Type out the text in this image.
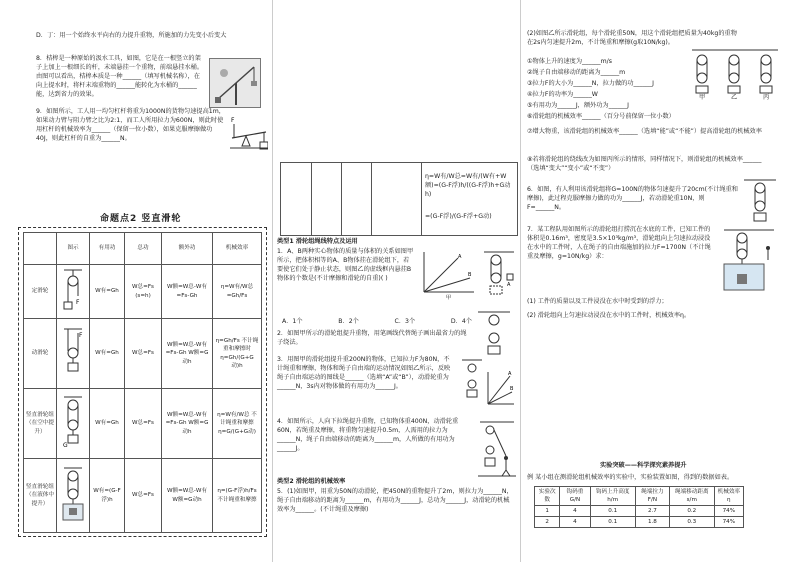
D．丁：用一个始终水平向右的力提升重物，所施加的力先变小后变大

8．桔槔是一种原始的汲水工具，如图，它是在一根竖立的架子上加上一根细长的杆，末端悬挂一个重物，前端悬挂水桶。由图可以看出，桔槔本质是一种______（填写机械名称），在向上提水时，将杆末端重物的______能转化为水桶的______能，达到省力的效果。

9．如图所示，工人用一均匀杠杆将重为1000N的货物匀速提高1m，如果动力臂与阻力臂之比为2:1，而工人所用拉力为600N，则此时使用杠杆的机械效率为______（保留一位小数），如果克服摩擦做功40J，则此杠杆的自重为______N。

F
命题点2 竖直滑轮
	图示	有用功	总功	额外功	机械效率
定滑轮	F	W有=Gh	W总=Fs (s=h)	W额=W总-W有=Fs-Gh	η=W有/W总=Gh/Fs
动滑轮	F	W有=Gh	W总=Fs	W额=W总-W有=Fs-Gh W额=G动h	η=Gh/Fs 不计绳重和摩擦时 η=Gh/(G+G动)h
竖直滑轮组（在空中提升）	G	W有=Gh	W总=Fs	W额=W总-W有=Fs-Gh W额=G动h	η=W有/W总 不计绳重和摩擦 η=G/(G+G动)
竖直滑轮组（在液体中提升）		W有=(G-F浮)h	W总=Fs	W额=W总-W有 W额=G动h	η=(G-F浮)h/Fs 不计绳重和摩擦

η=W有/W总=W有/(W有+W额)=(G-F浮)h/((G-F浮)h+G动h)

=(G-F浮)/(G-F浮+G动)

类型1 滑轮组绳线特点及运用

1．A、B两种实心物体的质量与体积的关系如图甲所示，把体积相等的A、B物体挂在滑轮组下，若要使它们处于静止状态，则图乙的虚线框内悬挂B物体的个数是(不计摩擦和滑轮的自重)( )

A
B
甲
A
A．1个	B．2个	C．3个	D．4个

2．如图甲所示的滑轮组提升重物，用笔画线代替绳子画出最省力的绳子绕法。

3．用图甲的滑轮组提升重200N的物体，已知拉力F为80N，不计绳重和摩擦，物体和绳子自由端的运动情况如图乙所示，反映绳子自由端运动的图线是______（选填“A”或“B”），动滑轮重为______N，3s内对物体做的有用功为______J。

A
B

4．如图所示，人向下拉绳提升重物，已知物体重400N，动滑轮重60N，若绳重及摩擦，将重物匀速提升0.5m，人需用的拉力为______N，绳子自由端移动的距离为______m，人所做的有用功为______J。

类型2 滑轮组的机械效率

5．(1)如图甲，用重为50N的动滑轮，把450N的重物提升了2m，则拉力为______N，绳子自由端移动的距离为______m，有用功为______J，总功为______J，动滑轮的机械效率为______。(不计绳重及摩擦)

(2)如图乙所示滑轮组，每个滑轮重50N，用这个滑轮组把质量为40kg的重物在2s内匀速提升2m，不计绳重和摩擦(g取10N/kg)。

①物体上升的速度为______m/s

②绳子自由端移动的距离为______m

③拉力F的大小为______N，拉力做的功______J

④拉力F的功率为______W

⑤有用功为______J，额外功为______J

⑥滑轮组的机械效率______（百分号前保留一位小数）

⑦增大物重，该滑轮组的机械效率______（选填“能”或“不能”）提高滑轮组的机械效率

⑧若将滑轮组的绕线改为如图丙所示的情形，同样情况下，则滑轮组的机械效率______（选填“变大”“变小”或“不变”）

甲	乙	丙

6．如图，有人利用该滑轮组将G=100N的物体匀速提升了20cm(不计绳重和摩擦)，此过程克服摩擦力做的功为______J，若动滑轮重10N，则F=______N。

7．某工程队用如图所示的滑轮组打捞沉在水底的工件，已知工件的体积是0.16m³，密度是3.5×10³kg/m³，滑轮组向上匀速拉动浸没在水中的工件时，人在绳子的自由端施加的拉力F=1700N（不计绳重及摩擦，g=10N/kg）求：

(1) 工件的质量以及工件浸没在水中时受到的浮力；

(2) 滑轮组向上匀速拉动浸没在水中的工件时，机械效率η。

实验突破——科学探究素养提升

例 某小组在测滑轮组机械效率的实验中，实验装置如图，得到的数据如表。

实验次数	钩码重G/N	钩码上升高度h/m	绳端拉力F/N	绳端移动距离s/m	机械效率η
1	4	0.1	2.7	0.2	74%
2	4	0.1	1.8	0.3	74%
